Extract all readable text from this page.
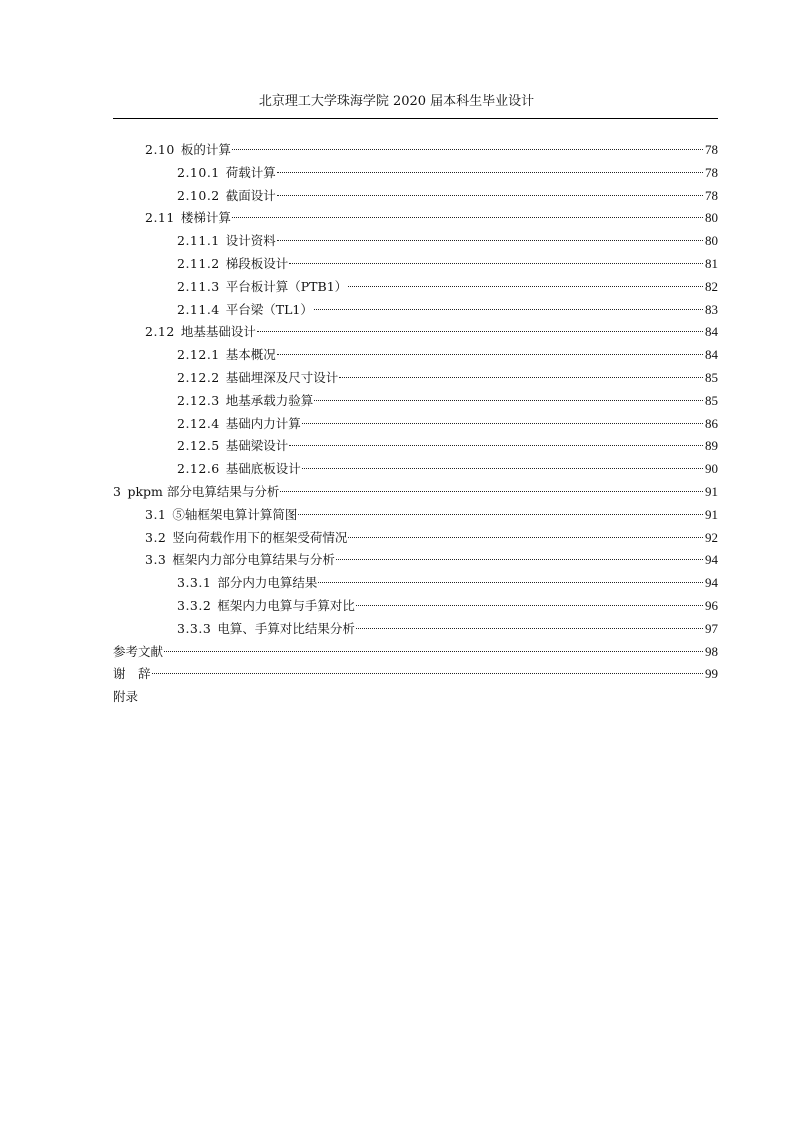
北京理工大学珠海学院 2020 届本科生毕业设计
2.10 板的计算	78
2.10.1 荷载计算	78
2.10.2 截面设计	78
2.11 楼梯计算	80
2.11.1 设计资料	80
2.11.2 梯段板设计	81
2.11.3 平台板计算（PTB1）	82
2.11.4 平台梁（TL1）	83
2.12 地基基础设计	84
2.12.1 基本概况	84
2.12.2 基础埋深及尺寸设计	85
2.12.3 地基承载力验算	85
2.12.4 基础内力计算	86
2.12.5 基础梁设计	89
2.12.6 基础底板设计	90
3 pkpm 部分电算结果与分析	91
3.1 ⑤轴框架电算计算简图	91
3.2 竖向荷载作用下的框架受荷情况	92
3.3 框架内力部分电算结果与分析	94
3.3.1 部分内力电算结果	94
3.3.2 框架内力电算与手算对比	96
3.3.3 电算、手算对比结果分析	97
参考文献	98
谢　辞	99
附录
